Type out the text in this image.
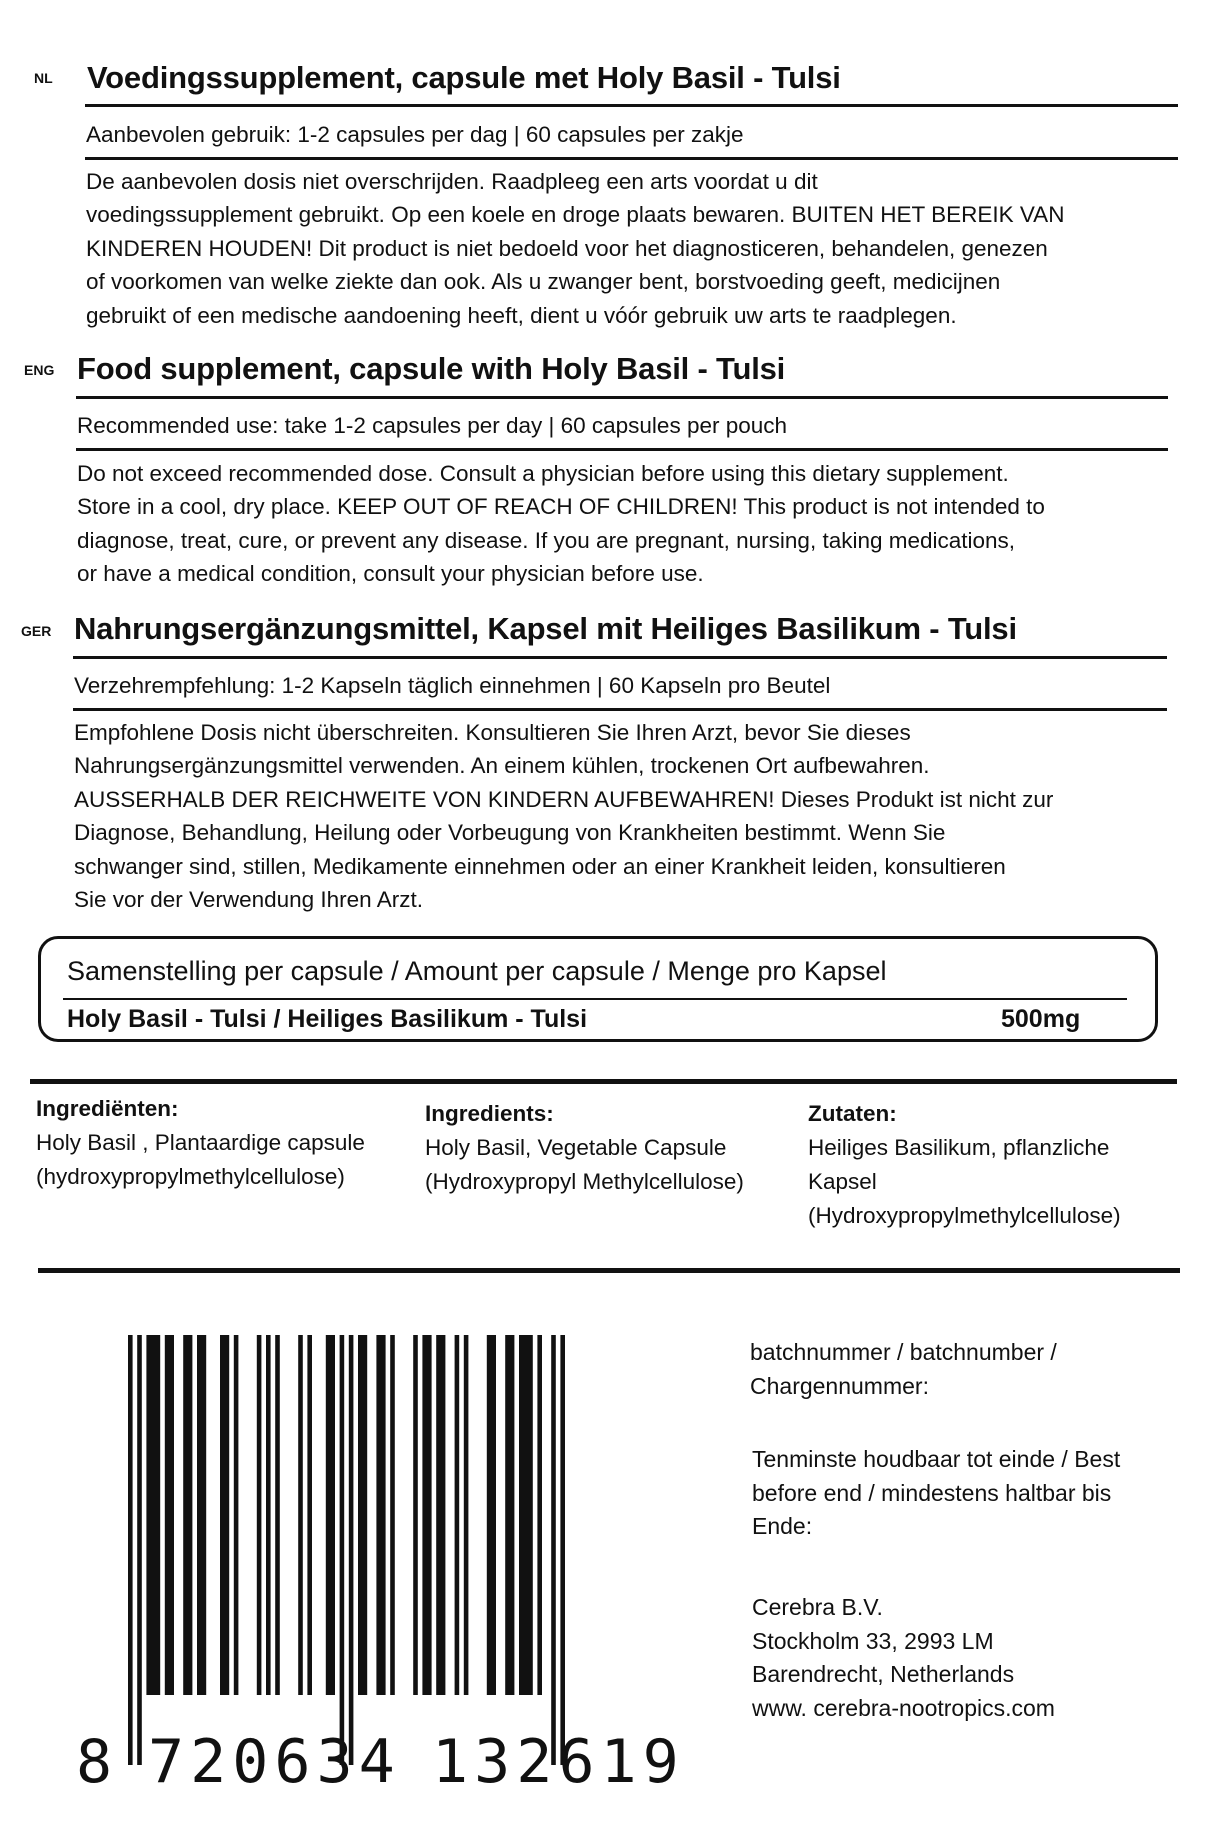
NL Voedingssupplement, capsule met Holy Basil - Tulsi
Aanbevolen gebruik: 1-2 capsules per dag | 60 capsules per zakje
De aanbevolen dosis niet overschrijden. Raadpleeg een arts voordat u dit
voedingssupplement gebruikt. Op een koele en droge plaats bewaren. BUITEN HET BEREIK VAN
KINDEREN HOUDEN! Dit product is niet bedoeld voor het diagnosticeren, behandelen, genezen
of voorkomen van welke ziekte dan ook. Als u zwanger bent, borstvoeding geeft, medicijnen
gebruikt of een medische aandoening heeft, dient u vóór gebruik uw arts te raadplegen.
ENG Food supplement, capsule with Holy Basil - Tulsi
Recommended use: take 1-2 capsules per day | 60 capsules per pouch
Do not exceed recommended dose. Consult a physician before using this dietary supplement.
Store in a cool, dry place. KEEP OUT OF REACH OF CHILDREN! This product is not intended to
diagnose, treat, cure, or prevent any disease. If you are pregnant, nursing, taking medications,
or have a medical condition, consult your physician before use.
GER Nahrungsergänzungsmittel, Kapsel mit Heiliges Basilikum - Tulsi
Verzehrempfehlung: 1-2 Kapseln täglich einnehmen | 60 Kapseln pro Beutel
Empfohlene Dosis nicht überschreiten. Konsultieren Sie Ihren Arzt, bevor Sie dieses
Nahrungsergänzungsmittel verwenden. An einem kühlen, trockenen Ort aufbewahren.
AUSSERHALB DER REICHWEITE VON KINDERN AUFBEWAHREN! Dieses Produkt ist nicht zur
Diagnose, Behandlung, Heilung oder Vorbeugung von Krankheiten bestimmt. Wenn Sie
schwanger sind, stillen, Medikamente einnehmen oder an einer Krankheit leiden, konsultieren
Sie vor der Verwendung Ihren Arzt.
Samenstelling per capsule / Amount per capsule / Menge pro Kapsel
Holy Basil - Tulsi / Heiliges Basilikum - Tulsi	500mg
Ingrediënten:
Holy Basil , Plantaardige capsule
(hydroxypropylmethylcellulose)
Ingredients:
Holy Basil, Vegetable Capsule
(Hydroxypropyl Methylcellulose)
Zutaten:
Heiliges Basilikum, pflanzliche
Kapsel
(Hydroxypropylmethylcellulose)
8 720634 132619
batchnummer / batchnumber /
Chargennummer:
Tenminste houdbaar tot einde / Best
before end / mindestens haltbar bis
Ende:
Cerebra B.V.
Stockholm 33, 2993 LM
Barendrecht, Netherlands
www. cerebra-nootropics.com
